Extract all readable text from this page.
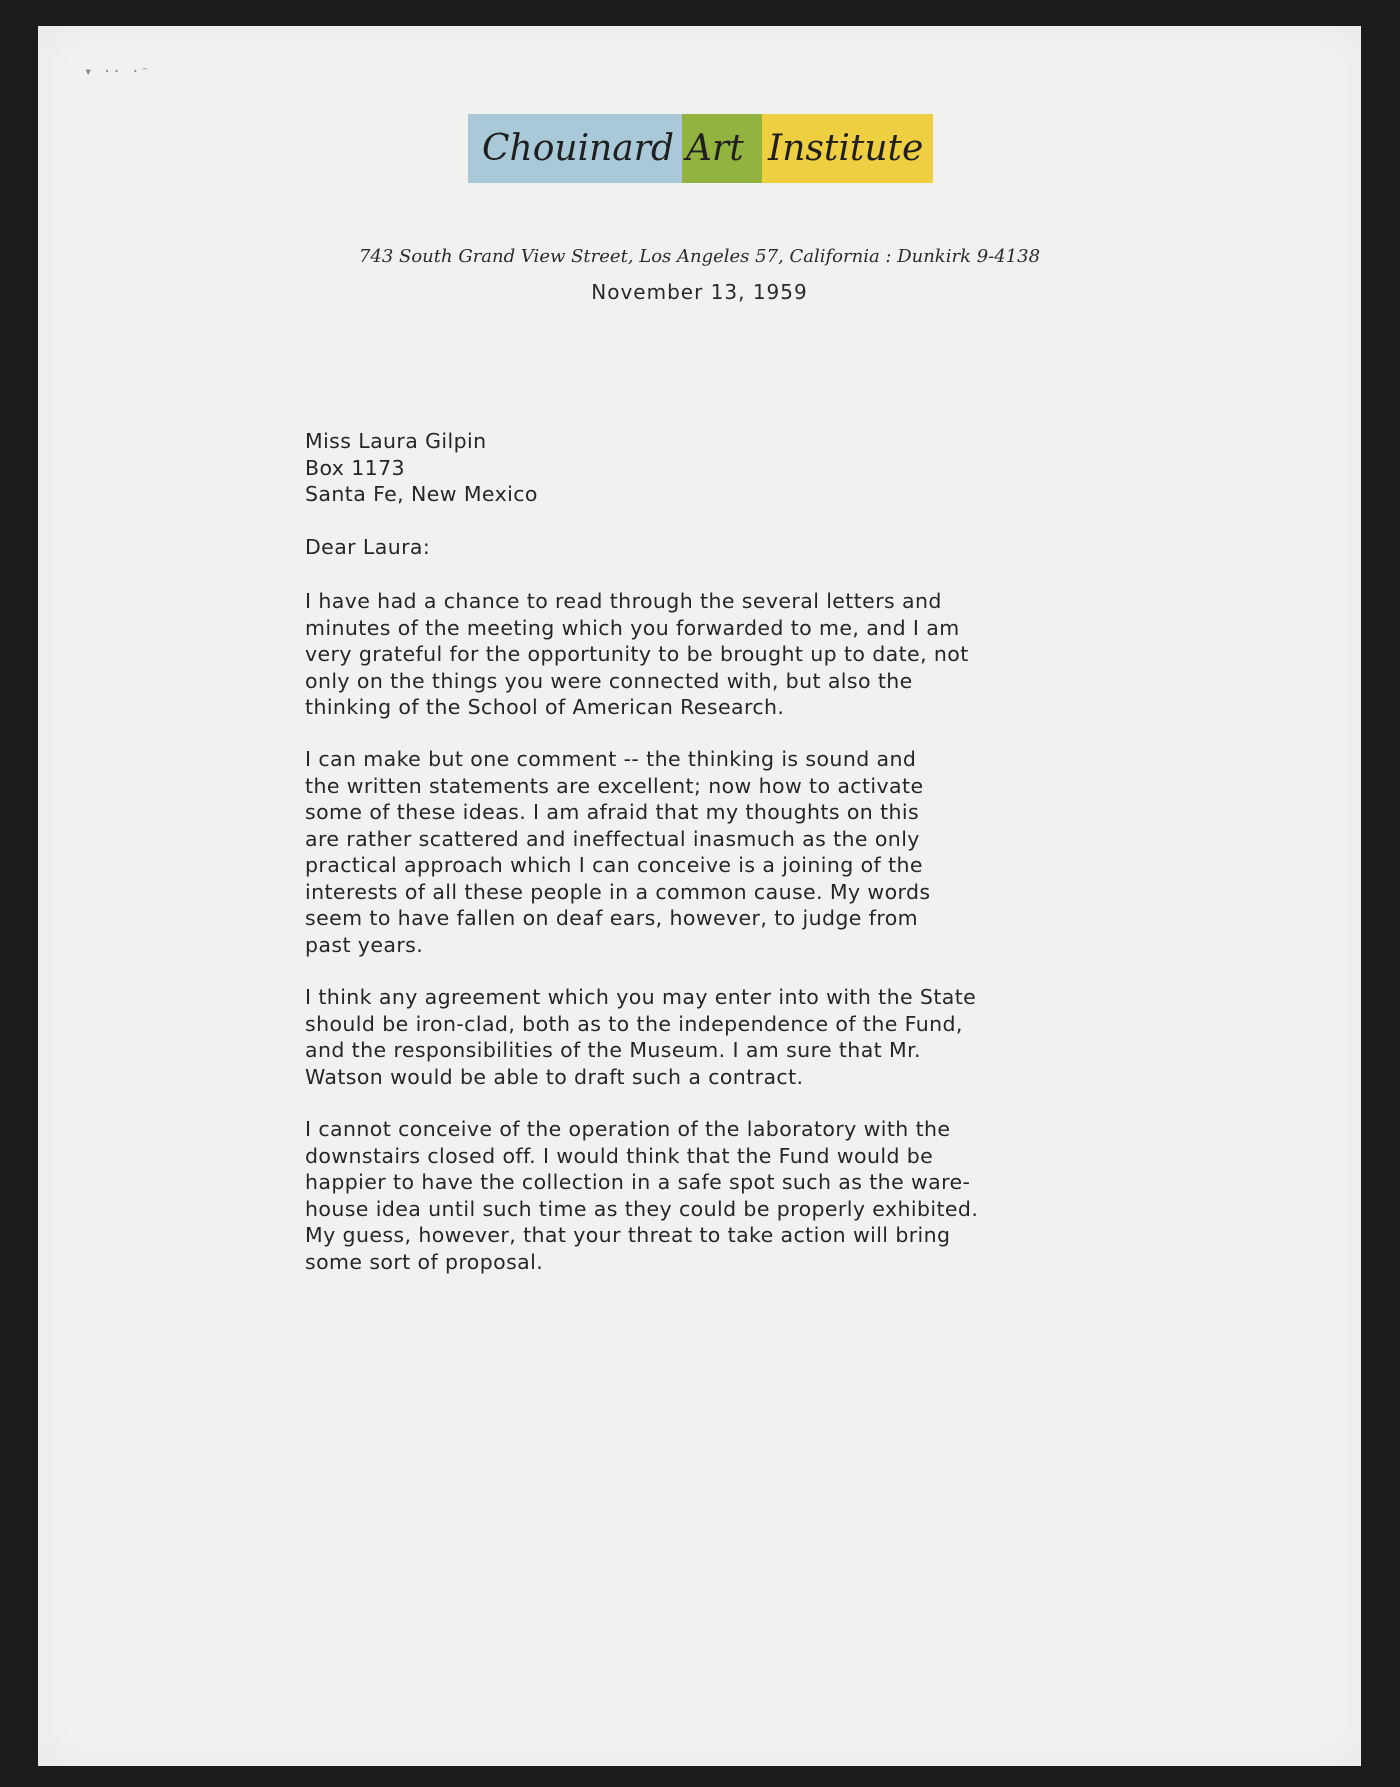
▾ ·· ·⁻
Chouinard Art Institute
743 South Grand View Street, Los Angeles 57, California : Dunkirk 9-4138
November 13, 1959
Miss Laura Gilpin
Box 1173
Santa Fe, New Mexico
Dear Laura:
I have had a chance to read through the several letters and
minutes of the meeting which you forwarded to me, and I am
very grateful for the opportunity to be brought up to date, not
only on the things you were connected with, but also the
thinking of the School of American Research.
I can make but one comment -- the thinking is sound and
the written statements are excellent; now how to activate
some of these ideas. I am afraid that my thoughts on this
are rather scattered and ineffectual inasmuch as the only
practical approach which I can conceive is a joining of the
interests of all these people in a common cause. My words
seem to have fallen on deaf ears, however, to judge from
past years.
I think any agreement which you may enter into with the State
should be iron-clad, both as to the independence of the Fund,
and the responsibilities of the Museum. I am sure that Mr.
Watson would be able to draft such a contract.
I cannot conceive of the operation of the laboratory with the
downstairs closed off. I would think that the Fund would be
happier to have the collection in a safe spot such as the ware-
house idea until such time as they could be properly exhibited.
My guess, however, that your threat to take action will bring
some sort of proposal.
